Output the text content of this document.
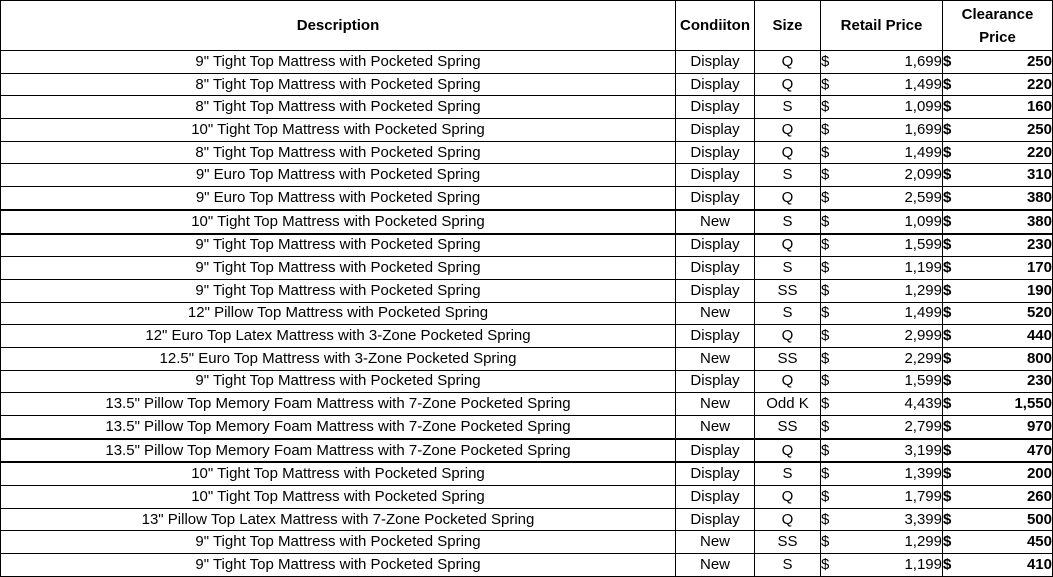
Description	Condiiton	Size	Retail Price		Clearance
Price	
9" Tight Top Mattress with Pocketed Spring	Display	Q	$	1,699	$	250
8" Tight Top Mattress with Pocketed Spring	Display	Q	$	1,499	$	220
8" Tight Top Mattress with Pocketed Spring	Display	S	$	1,099	$	160
10" Tight Top Mattress with Pocketed Spring	Display	Q	$	1,699	$	250
8" Tight Top Mattress with Pocketed Spring	Display	Q	$	1,499	$	220
9" Euro Top Mattress with Pocketed Spring	Display	S	$	2,099	$	310
9" Euro Top Mattress with Pocketed Spring	Display	Q	$	2,599	$	380
10" Tight Top Mattress with Pocketed Spring	New	S	$	1,099	$	380
9" Tight Top Mattress with Pocketed Spring	Display	Q	$	1,599	$	230
9" Tight Top Mattress with Pocketed Spring	Display	S	$	1,199	$	170
9" Tight Top Mattress with Pocketed Spring	Display	SS	$	1,299	$	190
12" Pillow Top Mattress with Pocketed Spring	New	S	$	1,499	$	520
12" Euro Top Latex Mattress with 3-Zone Pocketed Spring	Display	Q	$	2,999	$	440
12.5" Euro Top Mattress with 3-Zone Pocketed Spring	New	SS	$	2,299	$	800
9" Tight Top Mattress with Pocketed Spring	Display	Q	$	1,599	$	230
13.5" Pillow Top Memory Foam Mattress with 7-Zone Pocketed Spring	New	Odd K	$	4,439	$	1,550
13.5" Pillow Top Memory Foam Mattress with 7-Zone Pocketed Spring	New	SS	$	2,799	$	970
13.5" Pillow Top Memory Foam Mattress with 7-Zone Pocketed Spring	Display	Q	$	3,199	$	470
10" Tight Top Mattress with Pocketed Spring	Display	S	$	1,399	$	200
10" Tight Top Mattress with Pocketed Spring	Display	Q	$	1,799	$	260
13" Pillow Top Latex Mattress with 7-Zone Pocketed Spring	Display	Q	$	3,399	$	500
9" Tight Top Mattress with Pocketed Spring	New	SS	$	1,299	$	450
9" Tight Top Mattress with Pocketed Spring	New	S	$	1,199	$	410
